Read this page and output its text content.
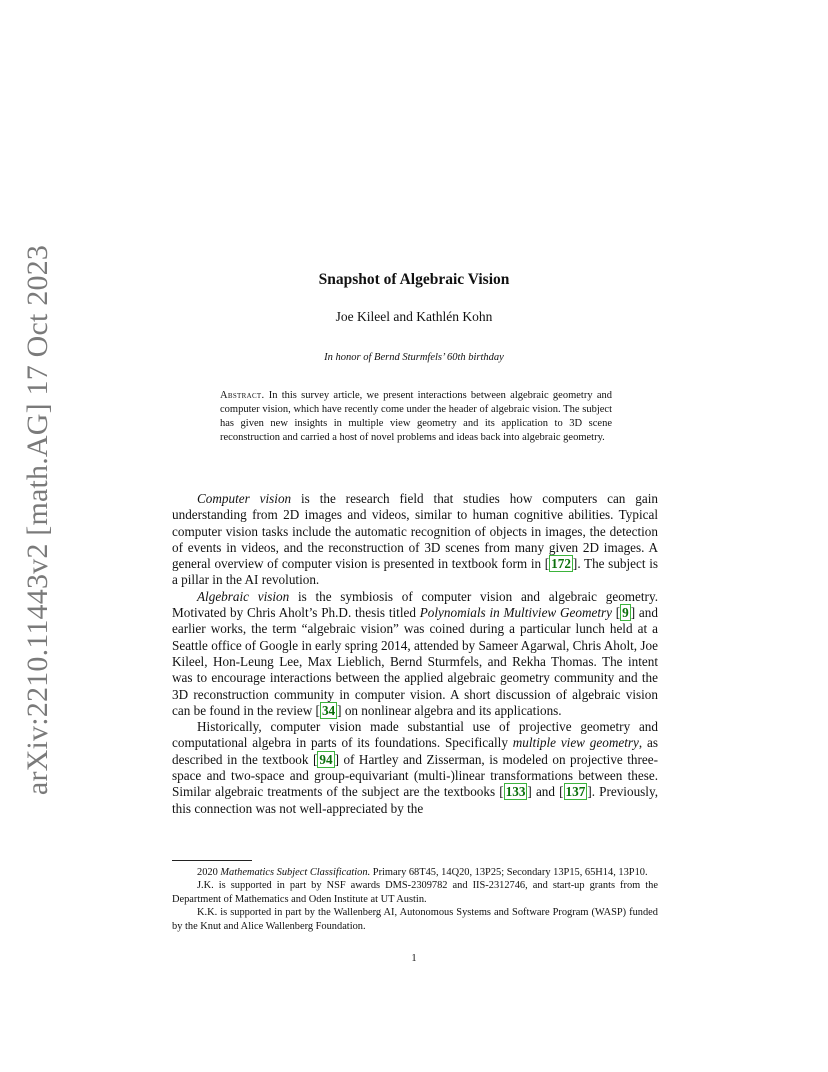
arXiv:2210.11443v2 [math.AG] 17 Oct 2023	Snapshot of Algebraic Vision
Joe Kileel and Kathlén Kohn
In honor of Bernd Sturmfels’ 60th birthday
Abstract. In this survey article, we present interactions between algebraic geometry and computer vision, which have recently come under the header of algebraic vision. The subject has given new insights in multiple view geometry and its application to 3D scene reconstruction and carried a host of novel problems and ideas back into algebraic geometry.

Computer vision is the research field that studies how computers can gain understanding from 2D images and videos, similar to human cognitive abilities. Typical computer vision tasks include the automatic recognition of objects in images, the detection of events in videos, and the reconstruction of 3D scenes from many given 2D images. A general overview of computer vision is presented in textbook form in [ 172 ]. The subject is a pillar in the AI revolution.

Algebraic vision is the symbiosis of computer vision and algebraic geometry. Motivated by Chris Aholt’s Ph.D. thesis titled Polynomials in Multiview Geometry [ 9 ] and earlier works, the term “algebraic vision” was coined during a particular lunch held at a Seattle office of Google in early spring 2014, attended by Sameer Agarwal, Chris Aholt, Joe Kileel, Hon-Leung Lee, Max Lieblich, Bernd Sturmfels, and Rekha Thomas. The intent was to encourage interactions between the applied algebraic geometry community and the 3D reconstruction community in computer vision. A short discussion of algebraic vision can be found in the review [ 34 ] on nonlinear algebra and its applications.

Historically, computer vision made substantial use of projective geometry and computational algebra in parts of its foundations. Specifically multiple view geometry, as described in the textbook [ 94 ] of Hartley and Zisserman, is modeled on projective three-space and two-space and group-equivariant (multi-)linear transformations between these. Similar algebraic treatments of the subject are the textbooks [ 133 ] and [ 137 ]. Previously, this connection was not well-appreciated by the

2020 Mathematics Subject Classification. Primary 68T45, 14Q20, 13P25; Secondary 13P15, 65H14, 13P10.

J.K. is supported in part by NSF awards DMS-2309782 and IIS-2312746, and start-up grants from the Department of Mathematics and Oden Institute at UT Austin.

K.K. is supported in part by the Wallenberg AI, Autonomous Systems and Software Program (WASP) funded by the Knut and Alice Wallenberg Foundation.

1
